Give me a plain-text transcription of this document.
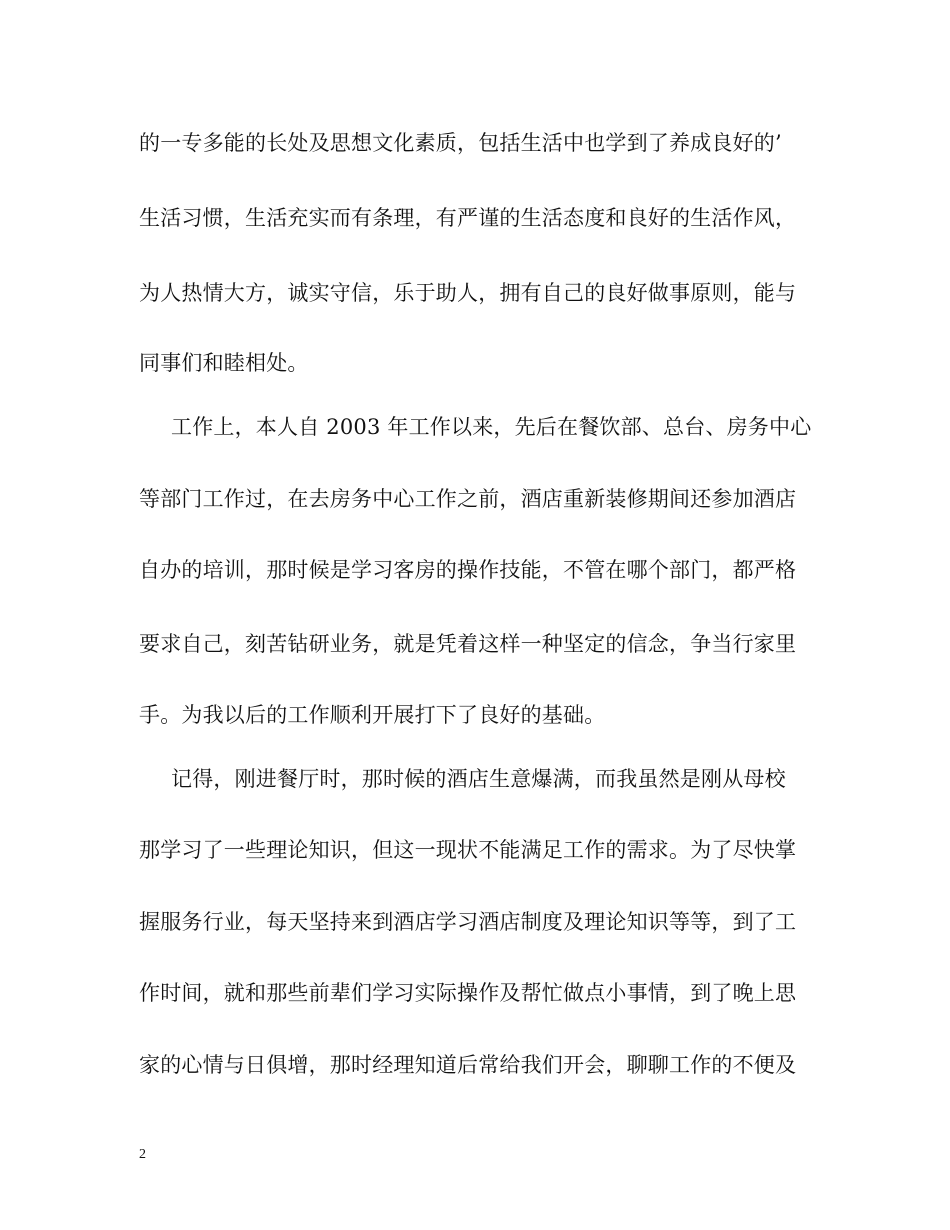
的一专多能的长处及思想文化素质，包括生活中也学到了养成良好的’
生活习惯，生活充实而有条理，有严谨的生活态度和良好的生活作风，
为人热情大方，诚实守信，乐于助人，拥有自己的良好做事原则，能与
同事们和睦相处。
工作上，本人自 2003 年工作以来，先后在餐饮部、总台、房务中心
等部门工作过，在去房务中心工作之前，酒店重新装修期间还参加酒店
自办的培训，那时候是学习客房的操作技能，不管在哪个部门，都严格
要求自己，刻苦钻研业务，就是凭着这样一种坚定的信念，争当行家里
手。为我以后的工作顺利开展打下了良好的基础。
记得，刚进餐厅时，那时候的酒店生意爆满，而我虽然是刚从母校
那学习了一些理论知识，但这一现状不能满足工作的需求。为了尽快掌
握服务行业，每天坚持来到酒店学习酒店制度及理论知识等等，到了工
作时间，就和那些前辈们学习实际操作及帮忙做点小事情，到了晚上思
家的心情与日俱增，那时经理知道后常给我们开会，聊聊工作的不便及
2
